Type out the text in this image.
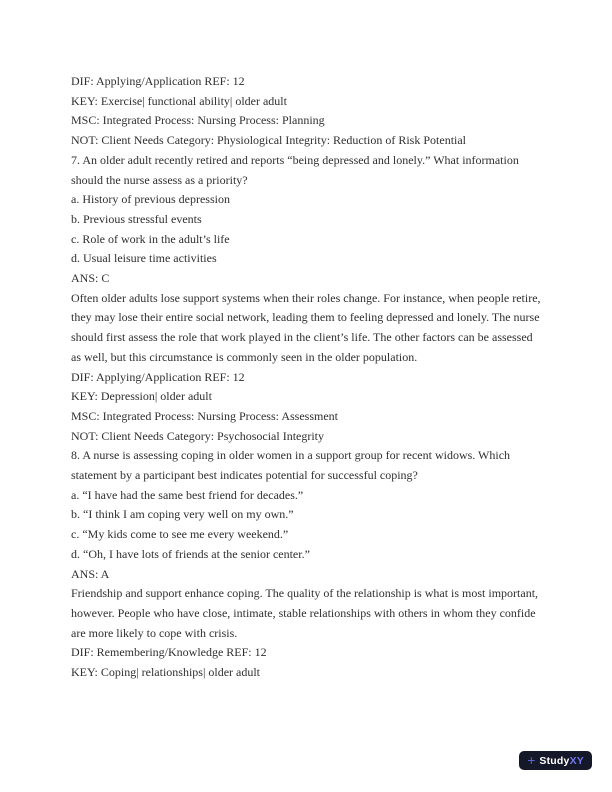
DIF: Applying/Application REF: 12
KEY: Exercise| functional ability| older adult
MSC: Integrated Process: Nursing Process: Planning
NOT: Client Needs Category: Physiological Integrity: Reduction of Risk Potential

7. An older adult recently retired and reports “being depressed and lonely.” What information should the nurse assess as a priority?

a. History of previous depression
b. Previous stressful events
c. Role of work in the adult’s life
d. Usual leisure time activities
ANS: C

Often older adults lose support systems when their roles change. For instance, when people retire, they may lose their entire social network, leading them to feeling depressed and lonely. The nurse should first assess the role that work played in the client’s life. The other factors can be assessed as well, but this circumstance is commonly seen in the older population.

DIF: Applying/Application REF: 12
KEY: Depression| older adult
MSC: Integrated Process: Nursing Process: Assessment
NOT: Client Needs Category: Psychosocial Integrity

8. A nurse is assessing coping in older women in a support group for recent widows. Which statement by a participant best indicates potential for successful coping?

a. “I have had the same best friend for decades.”
b. “I think I am coping very well on my own.”
c. “My kids come to see me every weekend.”
d. “Oh, I have lots of friends at the senior center.”
ANS: A

Friendship and support enhance coping. The quality of the relationship is what is most important, however. People who have close, intimate, stable relationships with others in whom they confide are more likely to cope with crisis.

DIF: Remembering/Knowledge REF: 12
KEY: Coping| relationships| older adult
+ StudyXY
